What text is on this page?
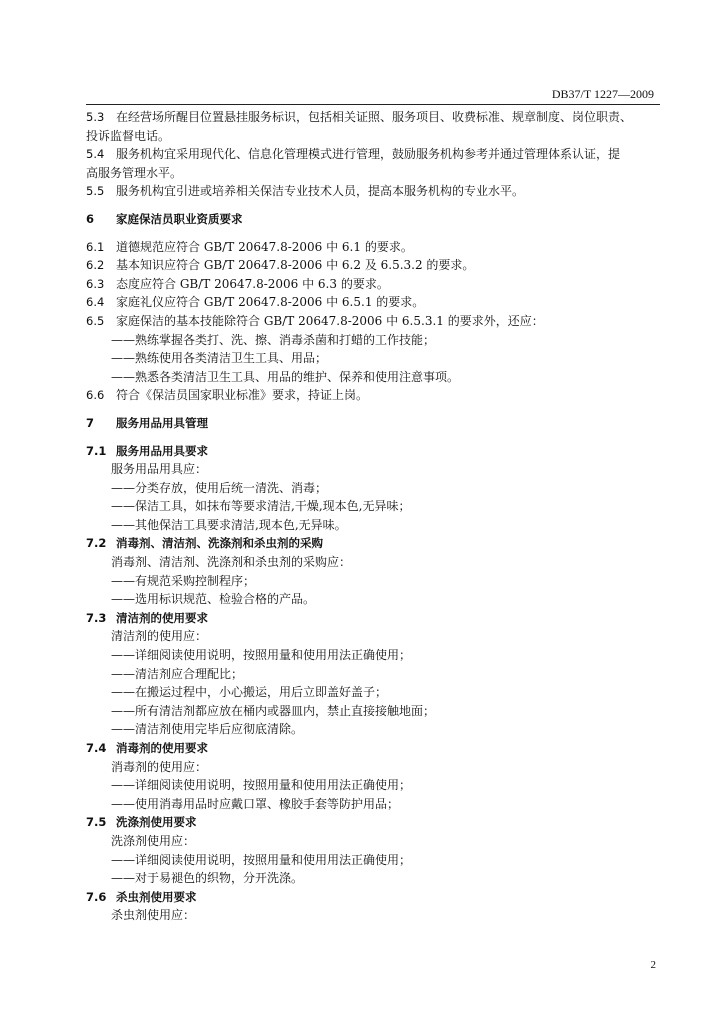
DB37/T 1227—2009
5.3 在经营场所醒目位置悬挂服务标识，包括相关证照、服务项目、收费标准、规章制度、岗位职责、
投诉监督电话。
5.4 服务机构宜采用现代化、信息化管理模式进行管理，鼓励服务机构参考并通过管理体系认证，提
高服务管理水平。
5.5 服务机构宜引进或培养相关保洁专业技术人员，提高本服务机构的专业水平。
6 家庭保洁员职业资质要求
6.1 道德规范应符合 GB/T 20647.8-2006 中 6.1 的要求。
6.2 基本知识应符合 GB/T 20647.8-2006 中 6.2 及 6.5.3.2 的要求。
6.3 态度应符合 GB/T 20647.8-2006 中 6.3 的要求。
6.4 家庭礼仪应符合 GB/T 20647.8-2006 中 6.5.1 的要求。
6.5 家庭保洁的基本技能除符合 GB/T 20647.8-2006 中 6.5.3.1 的要求外，还应：
——熟练掌握各类打、洗、擦、消毒杀菌和打蜡的工作技能；
——熟练使用各类清洁卫生工具、用品；
——熟悉各类清洁卫生工具、用品的维护、保养和使用注意事项。
6.6 符合《保洁员国家职业标准》要求，持证上岗。
7 服务用品用具管理
7.1 服务用品用具要求
服务用品用具应：
——分类存放，使用后统一清洗、消毒；
——保洁工具，如抹布等要求清洁,干燥,现本色,无异味；
——其他保洁工具要求清洁,现本色,无异味。
7.2 消毒剂、清洁剂、洗涤剂和杀虫剂的采购
消毒剂、清洁剂、洗涤剂和杀虫剂的采购应：
——有规范采购控制程序；
——选用标识规范、检验合格的产品。
7.3 清洁剂的使用要求
清洁剂的使用应：
——详细阅读使用说明，按照用量和使用用法正确使用；
——清洁剂应合理配比；
——在搬运过程中，小心搬运，用后立即盖好盖子；
——所有清洁剂都应放在桶内或器皿内，禁止直接接触地面；
——清洁剂使用完毕后应彻底清除。
7.4 消毒剂的使用要求
消毒剂的使用应：
——详细阅读使用说明，按照用量和使用用法正确使用；
——使用消毒用品时应戴口罩、橡胶手套等防护用品；
7.5 洗涤剂使用要求
洗涤剂使用应：
——详细阅读使用说明，按照用量和使用用法正确使用；
——对于易褪色的织物，分开洗涤。
7.6 杀虫剂使用要求
杀虫剂使用应：
2
